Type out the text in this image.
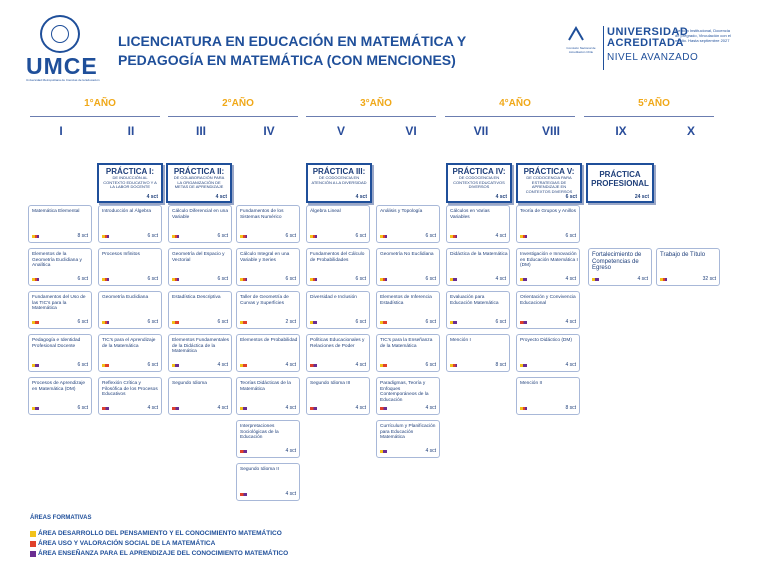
UMCE
Universidad Metropolitana de Ciencias de la Educación
LICENCIATURA EN EDUCACIÓN EN MATEMÁTICA Y PEDAGOGÍA EN MATEMÁTICA (CON MENCIONES)
Comisión Nacional de Acreditación Chile
UNIVERSIDAD
ACREDITADA
NIVEL AVANZADO
Gestión Institucional, Docencia de pregrado, Vinculación con el medio. Hasta septiembre 2027
1°AÑO	2°AÑO	3°AÑO	4°AÑO	5°AÑO
I	II	III	IV	V	VI	VII	VIII	IX	X
PRÁCTICA I:
DE INDUCCIÓN AL CONTEXTO EDUCATIVO Y A LA LABOR DOCENTE
4 sct
PRÁCTICA II:
DE COLABORACIÓN PARA LA ORGANIZACIÓN DE METAS DE APRENDIZAJE
4 sct
PRÁCTICA III:
DE CODOCENCIA EN ATENCIÓN A LA DIVERSIDAD
4 sct
PRÁCTICA IV:
DE CODOCENCIA EN CONTEXTOS EDUCATIVOS DIVERSOS
4 sct
PRÁCTICA V:
DE CODOCENCIA PARA ESTRATEGIAS DE APRENDIZAJE EN CONTEXTOS DIVERSOS
6 sct
PRÁCTICA PROFESIONAL
24 sct
Matemática Elemental
8 sct
Elementos de la Geometría Euclidiana y Analítica
6 sct
Fundamentos del Uso de las TIC's para la Matemática
6 sct
Pedagogía e Identidad Profesional Docente
6 sct
Procesos de Aprendizaje en Matemática (DM)
6 sct
Introducción al Álgebra
6 sct
Procesos Infinitos
6 sct
Geometría Euclidiana
6 sct
TIC's para el Aprendizaje de la Matemática
6 sct
Reflexión Crítica y Filosófica de los Procesos Educativos
4 sct
Cálculo Diferencial en una Variable
6 sct
Geometría del Espacio y Vectorial
6 sct
Estadística Descriptiva
6 sct
Elementos Fundamentales de la Didáctica de la Matemática
4 sct
Segundo Idioma
4 sct
Fundamentos de los Sistemas Numérico
6 sct
Cálculo Integral en una Variable y Series
6 sct
Taller de Geometría de Curvas y Superficies
2 sct
Elementos de Probabilidad
4 sct
Teorías Didácticas de la Matemática
4 sct
Interpretaciones Sociológicas de la Educación
4 sct
Segundo Idioma II
4 sct
Álgebra Lineal
6 sct
Fundamentos del Cálculo de Probabilidades
6 sct
Diversidad e Inclusión
6 sct
Políticas Educacionales y Relaciones de Poder
4 sct
Segundo Idioma III
4 sct
Análisis y Topología
6 sct
Geometría No Euclidiana
6 sct
Elementos de Inferencia Estadística
6 sct
TIC's para la Enseñanza de la Matemática
6 sct
Paradigmas, Teoría y Enfoques Contemporáneos de la Educación
4 sct
Currículum y Planificación para Educación Matemática
4 sct
Cálculos en Varias Variables
4 sct
Didáctica de la Matemática
4 sct
Evaluación para Educación Matemática
6 sct
Mención I
8 sct
Teoría de Grupos y Anillos
6 sct
Investigación e Innovación en Educación Matemática I (DM)
4 sct
Orientación y Convivencia Educacional
4 sct
Proyecto Didáctico (DM)
4 sct
Mención II
8 sct
Fortalecimiento de Competencias de Egreso
4 sct
Trabajo de Título
32 sct
ÁREAS FORMATIVAS
ÁREA DESARROLLO DEL PENSAMIENTO Y EL CONOCIMIENTO MATEMÁTICO
ÁREA USO Y VALORACIÓN SOCIAL DE LA MATEMÁTICA
ÁREA ENSEÑANZA PARA EL APRENDIZAJE DEL CONOCIMIENTO MATEMÁTICO
